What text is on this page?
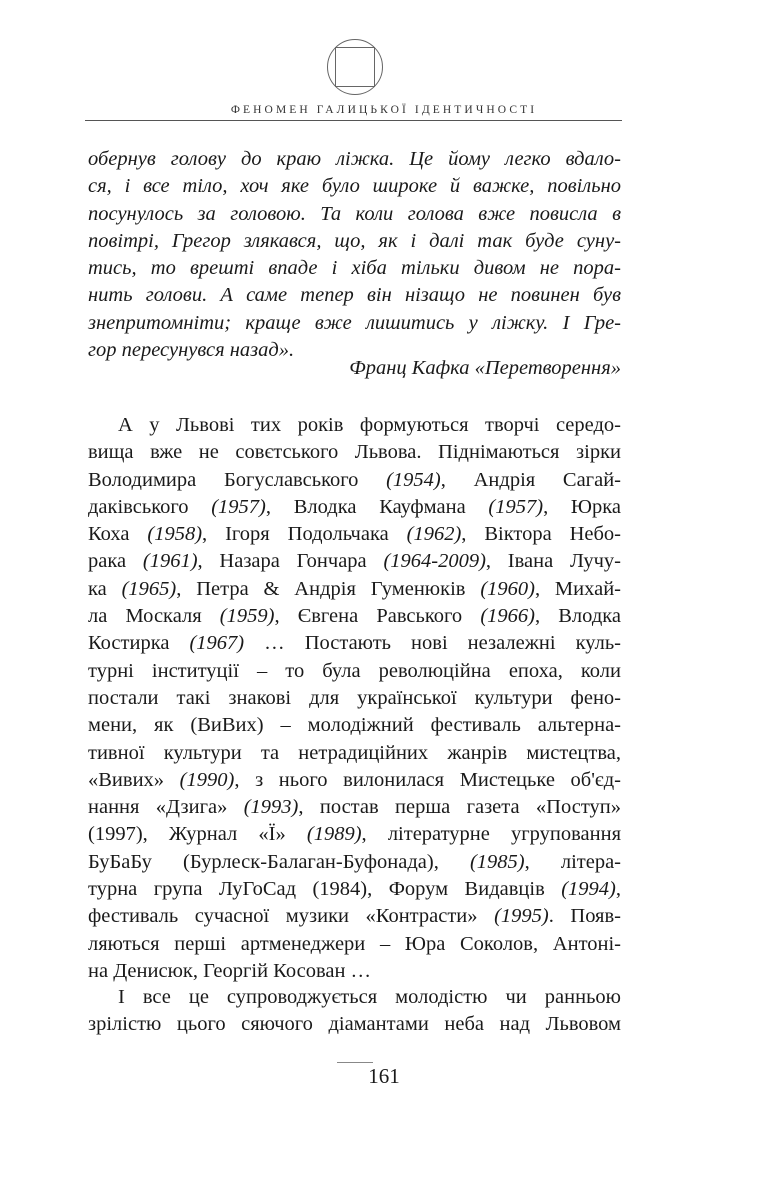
ФЕНОМЕН ГАЛИЦЬКОЇ ІДЕНТИЧНОСТІ
обернув голову до краю ліжка. Це йому легко вдало-
ся, і все тіло, хоч яке було широке й важке, повільно
посунулось за головою. Та коли голова вже повисла в
повітрі, Грегор злякався, що, як і далі так буде суну-
тись, то врешті впаде і хіба тільки дивом не пора-
нить голови. А саме тепер він нізащо не повинен був
знепритомніти; краще вже лишитись у ліжку. І Гре-
гор пересунувся назад».
Франц Кафка «Перетворення»
А у Львові тих років формуються творчі середо-
вища вже не совєтського Львова. Піднімаються зірки
Володимира Богуславського (1954), Андрія Сагай-
даківського (1957), Влодка Кауфмана (1957), Юрка
Коха (1958), Ігоря Подольчака (1962), Віктора Небо-
рака (1961), Назара Гончара (1964-2009), Івана Лучу-
ка (1965), Петра & Андрія Гуменюків (1960), Михай-
ла Москаля (1959), Євгена Равського (1966), Влодка
Костирка (1967) … Постають нові незалежні куль-
турні інституції – то була революційна епоха, коли
постали такі знакові для української культури фено-
мени, як (ВиВих) – молодіжний фестиваль альтерна-
тивної культури та нетрадиційних жанрів мистецтва,
«Вивих» (1990), з нього вилонилася Мистецьке об'єд-
нання «Дзига» (1993), постав перша газета «Поступ»
(1997), Журнал «Ї» (1989), літературне угруповання
БуБаБу (Бурлеск-Балаган-Буфонада), (1985), літера-
турна група ЛуГоСад (1984), Форум Видавців (1994),
фестиваль сучасної музики «Контрасти» (1995). Появ-
ляються перші артменеджери – Юра Соколов, Антоні-
на Денисюк, Георгій Косован …
І все це супроводжується молодістю чи ранньою
зрілістю цього сяючого діамантами неба над Львовом
161
